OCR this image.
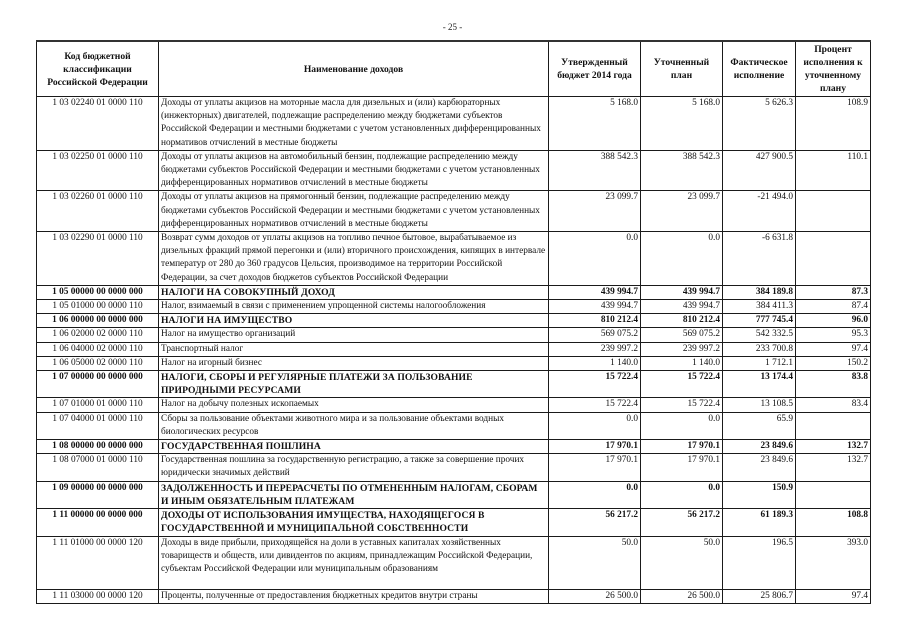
- 25 -
Код бюджетной классификации Российской Федерации	Наименование доходов	Утвержденный бюджет 2014 года	Уточненный план	Фактическое исполнение	Процент исполнения к уточненному плану
1 03 02240 01 0000 110	Доходы от уплаты акцизов на моторные масла для дизельных и (или) карбюраторных (инжекторных) двигателей, подлежащие распределению между бюджетами субъектов Российской Федерации и местными бюджетами с учетом установленных дифференцированных нормативов отчислений в местные бюджеты	5 168.0	5 168.0	5 626.3	108.9
1 03 02250 01 0000 110	Доходы от уплаты акцизов на автомобильный бензин, подлежащие распределению между бюджетами субъектов Российской Федерации и местными бюджетами с учетом установленных дифференцированных нормативов отчислений в местные бюджеты	388 542.3	388 542.3	427 900.5	110.1
1 03 02260 01 0000 110	Доходы от уплаты акцизов на прямогонный бензин, подлежащие распределению между бюджетами субъектов Российской Федерации и местными бюджетами с учетом установленных дифференцированных нормативов отчислений в местные бюджеты	23 099.7	23 099.7	-21 494.0	
1 03 02290 01 0000 110	Возврат сумм доходов от уплаты акцизов на топливо печное бытовое, вырабатываемое из дизельных фракций прямой перегонки и (или) вторичного происхождения, кипящих в интервале температур от 280 до 360 градусов Цельсия, производимое на территории Российской Федерации, за счет доходов бюджетов субъектов Российской Федерации	0.0	0.0	-6 631.8	
1 05 00000 00 0000 000	НАЛОГИ НА СОВОКУПНЫЙ ДОХОД	439 994.7	439 994.7	384 189.8	87.3
1 05 01000 00 0000 110	Налог, взимаемый в связи с применением упрощенной системы налогообложения	439 994.7	439 994.7	384 411.3	87.4
1 06 00000 00 0000 000	НАЛОГИ НА ИМУЩЕСТВО	810 212.4	810 212.4	777 745.4	96.0
1 06 02000 02 0000 110	Налог на имущество организаций	569 075.2	569 075.2	542 332.5	95.3
1 06 04000 02 0000 110	Транспортный налог	239 997.2	239 997.2	233 700.8	97.4
1 06 05000 02 0000 110	Налог на игорный бизнес	1 140.0	1 140.0	1 712.1	150.2
1 07 00000 00 0000 000	НАЛОГИ, СБОРЫ И РЕГУЛЯРНЫЕ ПЛАТЕЖИ ЗА ПОЛЬЗОВАНИЕ ПРИРОДНЫМИ РЕСУРСАМИ	15 722.4	15 722.4	13 174.4	83.8
1 07 01000 01 0000 110	Налог на добычу полезных ископаемых	15 722.4	15 722.4	13 108.5	83.4
1 07 04000 01 0000 110	Сборы за пользование объектами животного мира и за пользование объектами водных биологических ресурсов	0.0	0.0	65.9	
1 08 00000 00 0000 000	ГОСУДАРСТВЕННАЯ ПОШЛИНА	17 970.1	17 970.1	23 849.6	132.7
1 08 07000 01 0000 110	Государственная пошлина за государственную регистрацию, а также за совершение прочих юридически значимых действий	17 970.1	17 970.1	23 849.6	132.7
1 09 00000 00 0000 000	ЗАДОЛЖЕННОСТЬ И ПЕРЕРАСЧЕТЫ ПО ОТМЕНЕННЫМ НАЛОГАМ, СБОРАМ И ИНЫМ ОБЯЗАТЕЛЬНЫМ ПЛАТЕЖАМ	0.0	0.0	150.9	
1 11 00000 00 0000 000	ДОХОДЫ ОТ ИСПОЛЬЗОВАНИЯ ИМУЩЕСТВА, НАХОДЯЩЕГОСЯ В ГОСУДАРСТВЕННОЙ И МУНИЦИПАЛЬНОЙ СОБСТВЕННОСТИ	56 217.2	56 217.2	61 189.3	108.8
1 11 01000 00 0000 120	Доходы в виде прибыли, приходящейся на доли в уставных капиталах хозяйственных товариществ и обществ, или дивидентов по акциям, принадлежащим Российской Федерации, субъектам Российской Федерации или муниципальным образованиям	50.0	50.0	196.5	393.0
1 11 03000 00 0000 120	Проценты, полученные от предоставления бюджетных кредитов внутри страны	26 500.0	26 500.0	25 806.7	97.4
